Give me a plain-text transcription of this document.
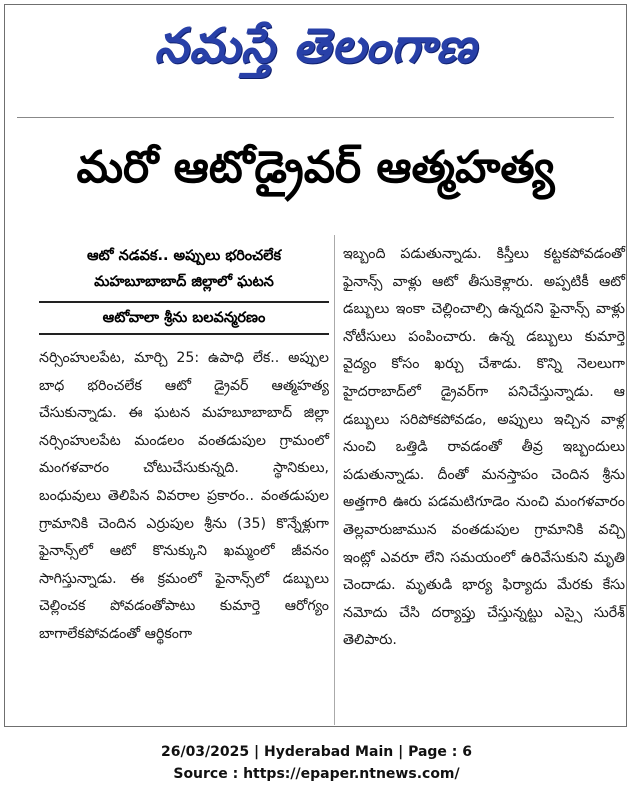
నమస్తే తెలంగాణ
మరో ఆటోడ్రైవర్ ఆత్మహత్య
ఆటో నడవక.. అప్పులు భరించలేక మహబూబాబాద్ జిల్లాలో ఘటన
ఆటోవాలా శ్రీను బలవన్మరణం

నర్సింహులపేట, మార్చి 25: ఉపాధి లేక.. అప్పుల బాధ భరించలేక ఆటో డ్రైవర్ ఆత్మహత్య చేసుకున్నాడు. ఈ ఘటన మహబూబాబాద్ జిల్లా నర్సింహులపేట మండలం వంతడుపుల గ్రామంలో మంగళవారం చోటుచేసుకున్నది. స్థానికులు, బంధువులు తెలిపిన వివరాల ప్రకారం.. వంతడుపుల గ్రామానికి చెందిన ఎర్రుపుల శ్రీను (35) కొన్నేళ్లుగా ఫైనాన్స్‌లో ఆటో కొనుక్కుని ఖమ్మంలో జీవనం సాగిస్తున్నాడు. ఈ క్రమంలో ఫైనాన్స్‌లో డబ్బులు చెల్లించక పోవడంతోపాటు కుమార్తె ఆరోగ్యం బాగాలేకపోవడంతో ఆర్థికంగా

ఇబ్బంది పడుతున్నాడు. కిస్తీలు కట్టకపోవడంతో ఫైనాన్స్ వాళ్లు ఆటో తీసుకెళ్లారు. అప్పటికీ ఆటో డబ్బులు ఇంకా చెల్లించాల్సి ఉన్నదని ఫైనాన్స్ వాళ్లు నోటీసులు పంపించారు. ఉన్న డబ్బులు కుమార్తె వైద్యం కోసం ఖర్చు చేశాడు. కొన్ని నెలలుగా హైదరాబాద్‌లో డ్రైవర్‌గా పనిచేస్తున్నాడు. ఆ డబ్బులు సరిపోకపోవడం, అప్పులు ఇచ్చిన వాళ్ల నుంచి ఒత్తిడి రావడంతో తీవ్ర ఇబ్బందులు పడుతున్నాడు. దీంతో మనస్తాపం చెందిన శ్రీను అత్తగారి ఊరు పడమటిగూడెం నుంచి మంగళవారం తెల్లవారుజామున వంతడుపుల గ్రామానికి వచ్చి ఇంట్లో ఎవరూ లేని సమయంలో ఉరివేసుకుని మృతి చెందాడు. మృతుడి భార్య ఫిర్యాదు మేరకు కేసు నమోదు చేసి దర్యాప్తు చేస్తున్నట్టు ఎస్సై సురేశ్ తెలిపారు.

26/03/2025 | Hyderabad Main | Page : 6
Source : https://epaper.ntnews.com/
